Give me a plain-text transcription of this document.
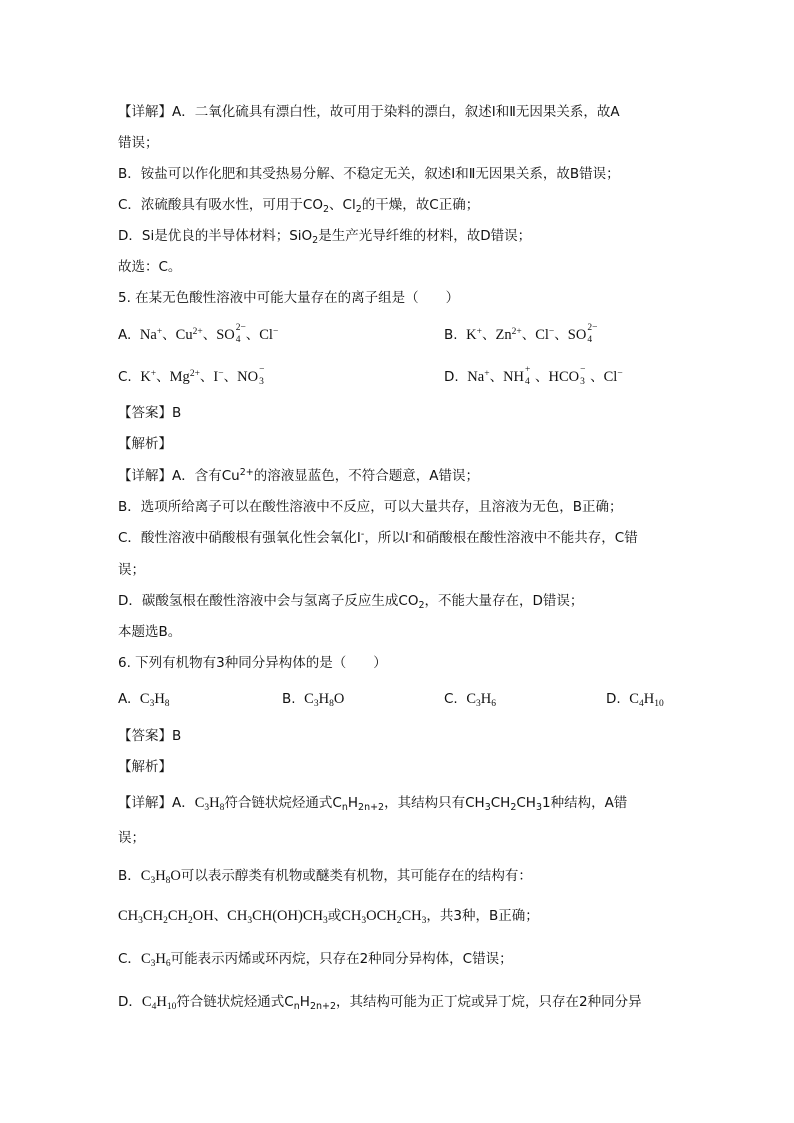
【详解】A．二氧化硫具有漂白性，故可用于染料的漂白，叙述Ⅰ和Ⅱ无因果关系，故A
错误；
B．铵盐可以作化肥和其受热易分解、不稳定无关，叙述Ⅰ和Ⅱ无因果关系，故B错误；
C．浓硫酸具有吸水性，可用于$CO_2$、$Cl_2$的干燥，故C正确；
D．Si是优良的半导体材料；SiO$_2$是生产光导纤维的材料，故D错误；
故选：C。
5. 在某无色酸性溶液中可能大量存在的离子组是（　　）
A. Na+、$Cu^{2+}$、SO 2−
4 、Cl−	B. K+、$Zn^{2+}$、Cl−、SO 2−
4
C. K+、$Mg^{2+}$、I−、NO −
3	D. Na+、NH +
4 、HCO −
3 、Cl−
【答案】B
【解析】
【详解】A．含有$Cu^{2+}$的溶液显蓝色，不符合题意，A错误；
B．选项所给离子可以在酸性溶液中不反应，可以大量共存，且溶液为无色，B正确；
C．酸性溶液中硝酸根有强氧化性会氧化I-，所以I-和硝酸根在酸性溶液中不能共存，C错
误；
D．碳酸氢根在酸性溶液中会与氢离子反应生成$CO_2$，不能大量存在，D错误；
本题选B。
6. 下列有机物有3种同分异构体的是（　　）
A. $C_3H_8$	B. $C_3H_8O$	C. $C_3H_6$	D. $C_4H_{10}$
【答案】B
【解析】
【详解】A．$C_3H_8$符合链状烷烃通式$C_nH_{2n+2}$，其结构只有$CH_3CH_2CH_31$种结构，A错
误；
B．$C_3H_8O$可以表示醇类有机物或醚类有机物，其可能存在的结构有：
$CH_3CH_2CH_2OH$、$CH_3CH(OH)CH_3$或$CH_3OCH_2CH_3$，共3种，B正确；
C．$C_3H_6$可能表示丙烯或环丙烷，只存在2种同分异构体，C错误；
D．$C_4H_{10}$符合链状烷烃通式$C_nH_{2n+2}$，其结构可能为正丁烷或异丁烷，只存在2种同分异
